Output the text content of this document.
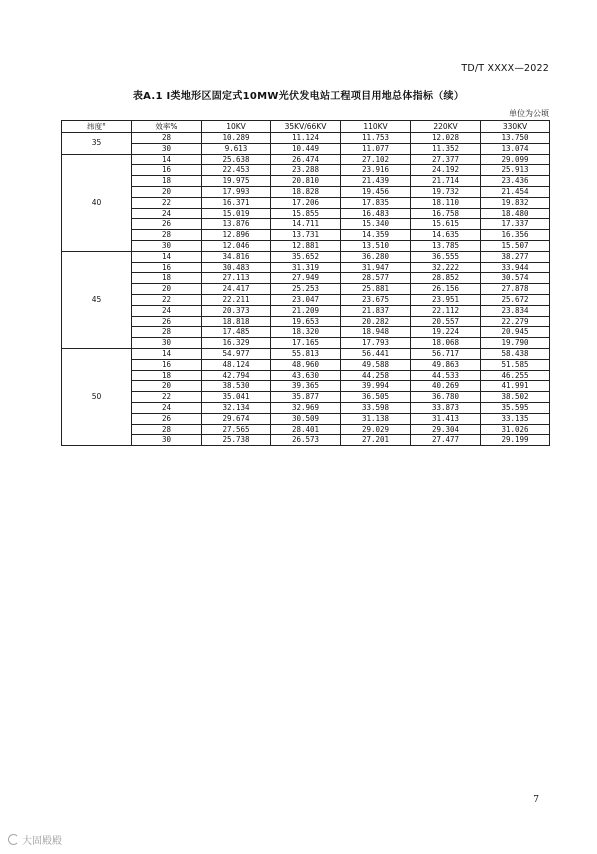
TD/T XXXX—2022
表A.1 Ⅰ类地形区固定式10MW光伏发电站工程项目用地总体指标（续）
单位为公顷
纬度°	效率%	10KV	35KV/66KV	110KV	220KV	330KV
35	28	10.289	11.124	11.753	12.028	13.750
	30	9.613	10.449	11.077	11.352	13.074
40	14	25.638	26.474	27.102	27.377	29.099
	16	22.453	23.288	23.916	24.192	25.913
	18	19.975	20.810	21.439	21.714	23.436
	20	17.993	18.828	19.456	19.732	21.454
	22	16.371	17.206	17.835	18.110	19.832
	24	15.019	15.855	16.483	16.758	18.480
	26	13.876	14.711	15.340	15.615	17.337
	28	12.896	13.731	14.359	14.635	16.356
	30	12.046	12.881	13.510	13.785	15.507
45	14	34.816	35.652	36.280	36.555	38.277
	16	30.483	31.319	31.947	32.222	33.944
	18	27.113	27.949	28.577	28.852	30.574
	20	24.417	25.253	25.881	26.156	27.878
	22	22.211	23.047	23.675	23.951	25.672
	24	20.373	21.209	21.837	22.112	23.834
	26	18.818	19.653	20.282	20.557	22.279
	28	17.485	18.320	18.948	19.224	20.945
	30	16.329	17.165	17.793	18.068	19.790
50	14	54.977	55.813	56.441	56.717	58.438
	16	48.124	48.960	49.588	49.863	51.585
	18	42.794	43.630	44.258	44.533	46.255
	20	38.530	39.365	39.994	40.269	41.991
	22	35.041	35.877	36.505	36.780	38.502
	24	32.134	32.969	33.598	33.873	35.595
	26	29.674	30.509	31.138	31.413	33.135
	28	27.565	28.401	29.029	29.304	31.026
	30	25.738	26.573	27.201	27.477	29.199
7
大固殿殿
